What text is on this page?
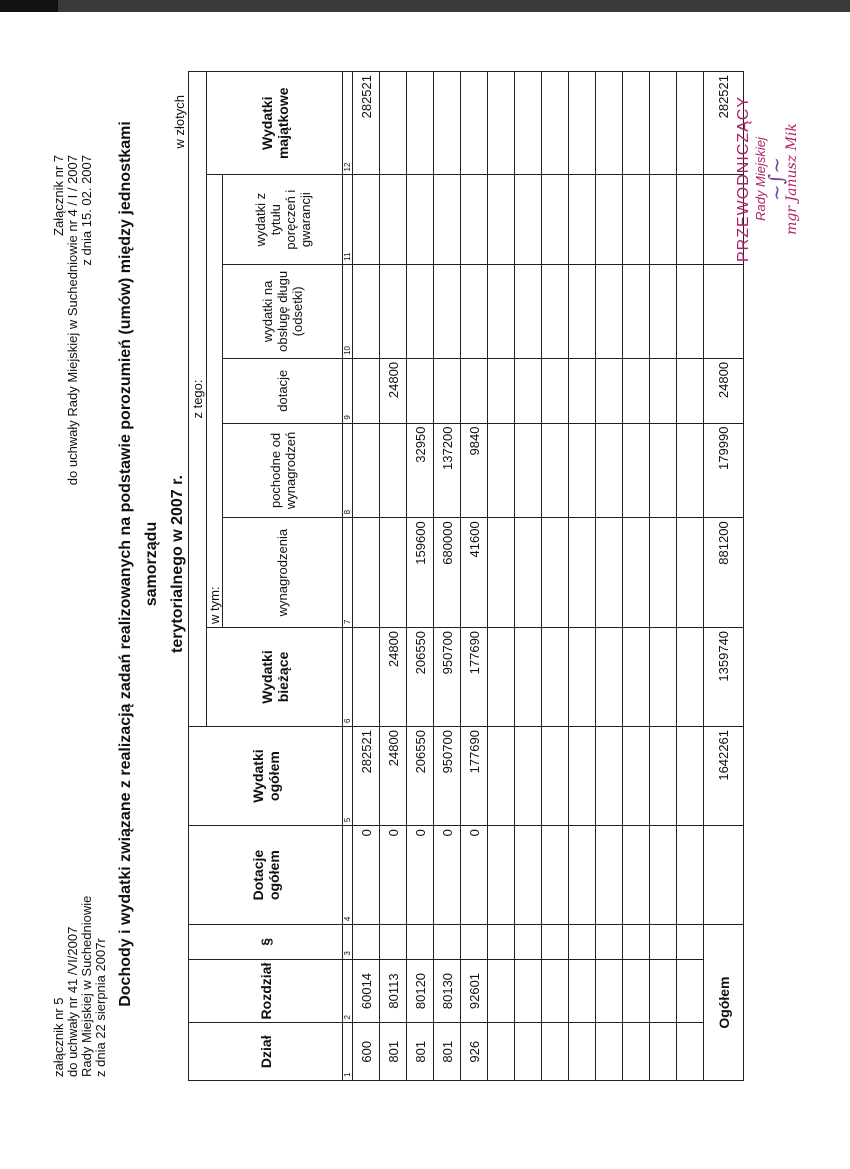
załącznik nr 5 do uchwały nr 41 /VI/2007 Rady Miejskiej w Suchedniowie z dnia 22 sierpnia 2007r
Załącznik nr 7 do uchwały Rady Miejskiej w Suchedniowie nr 4 / I / 2007 z dnia 15. 02. 2007 Dochody i wydatki związane z realizacją zadań realizowanych na podstawie porozumień (umów) między jednostkami samorządu terytorialnego w 2007 r.
w złotych
Dział	Rozdział	§	Dotacje ogółem	Wydatki ogółem	z tego:						
					Wydatki bieżące	w tym:					Wydatki majątkowe
						wynagrodzenia	pochodne od wynagrodzeń	dotacje	wydatki na obsługę długu (odsetki)	wydatki z tytułu poręczeń i gwarancji	
1	2	3	4	5	6	7	8	9	10	11	12
600	60014		0	282521							282521
801	80113		0	24800	24800			24800			
801	80120		0	206550	206550	159600	32950				
801	80130		0	950700	950700	680000	137200				
926	92601		0	177690	177690	41600	9840				

Ogółem				1642261	1359740	881200	179990	24800			282521 PRZEWODNICZĄCY Rady Miejskiej
~∫~
mgr Janusz Mik
